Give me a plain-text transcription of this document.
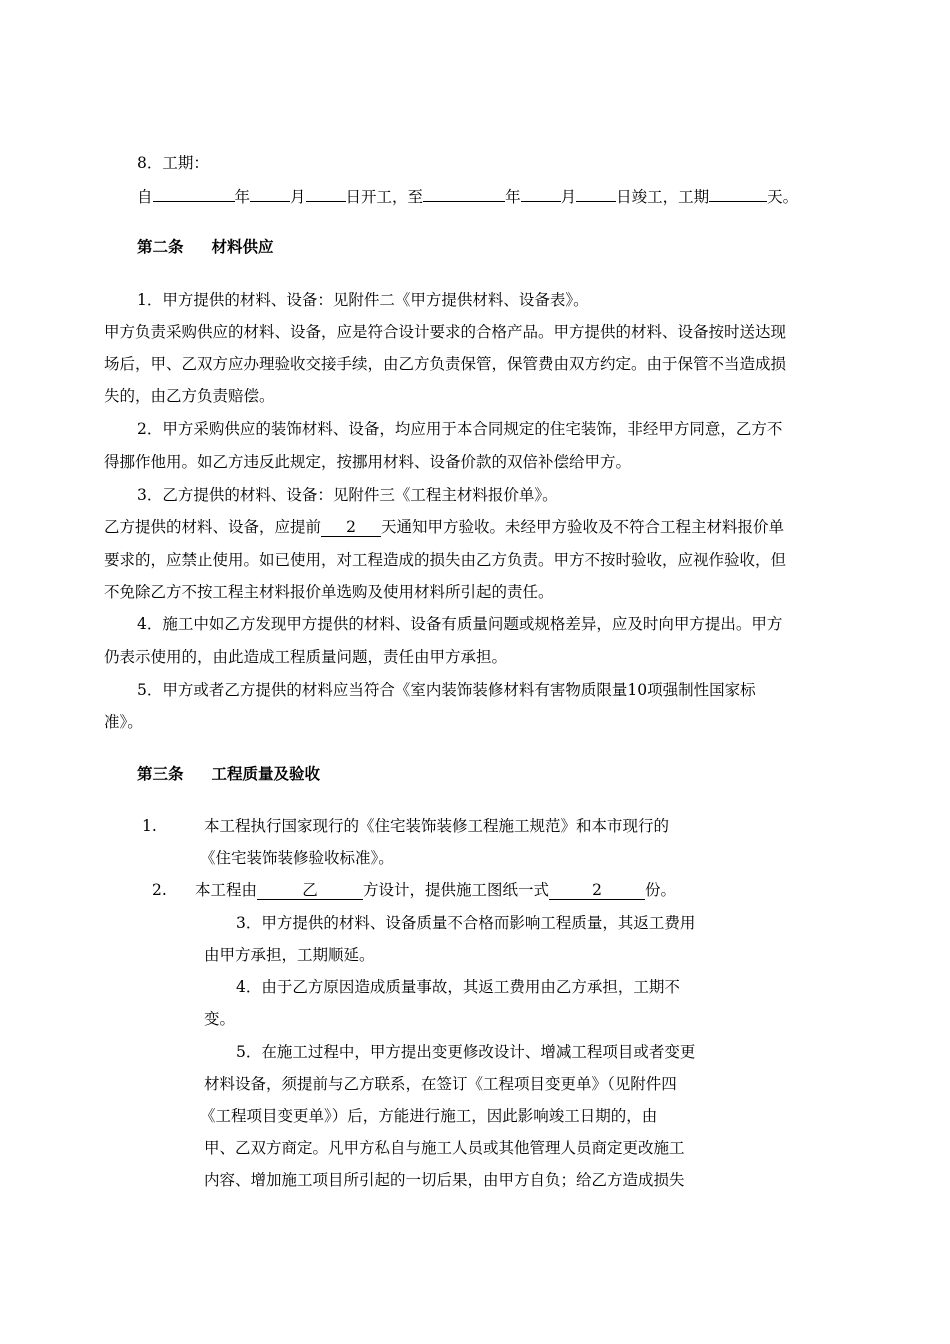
8．工期：
自	年	月	日开工，至	年	月	日竣工，工期	天。
第二条 材料供应
1．甲方提供的材料、设备：见附件二《甲方提供材料、设备表》。
甲方负责采购供应的材料、设备，应是符合设计要求的合格产品。甲方提供的材料、设备按时送达现
场后，甲、乙双方应办理验收交接手续，由乙方负责保管，保管费由双方约定。由于保管不当造成损
失的，由乙方负责赔偿。
2．甲方采购供应的装饰材料、设备，均应用于本合同规定的住宅装饰，非经甲方同意，乙方不
得挪作他用。如乙方违反此规定，按挪用材料、设备价款的双倍补偿给甲方。
3．乙方提供的材料、设备：见附件三《工程主材料报价单》。
乙方提供的材料、设备，应提前 2 天通知甲方验收。未经甲方验收及不符合工程主材料报价单
要求的，应禁止使用。如已使用，对工程造成的损失由乙方负责。甲方不按时验收，应视作验收，但
不免除乙方不按工程主材料报价单选购及使用材料所引起的责任。
4．施工中如乙方发现甲方提供的材料、设备有质量问题或规格差异，应及时向甲方提出。甲方
仍表示使用的，由此造成工程质量问题，责任由甲方承担。
5．甲方或者乙方提供的材料应当符合《室内装饰装修材料有害物质限量10项强制性国家标
准》。
第三条 工程质量及验收
1.	本工程执行国家现行的《住宅装饰装修工程施工规范》和本市现行的
《住宅装饰装修验收标准》。
2. 本工程由	乙	方设计，提供施工图纸一式	2	份。
3．甲方提供的材料、设备质量不合格而影响工程质量，其返工费用
由甲方承担，工期顺延。
4．由于乙方原因造成质量事故，其返工费用由乙方承担，工期不
变。
5．在施工过程中，甲方提出变更修改设计、增减工程项目或者变更
材料设备，须提前与乙方联系，在签订《工程项目变更单》（见附件四
《工程项目变更单》）后，方能进行施工，因此影响竣工日期的，由
甲、乙双方商定。凡甲方私自与施工人员或其他管理人员商定更改施工
内容、增加施工项目所引起的一切后果，由甲方自负；给乙方造成损失
